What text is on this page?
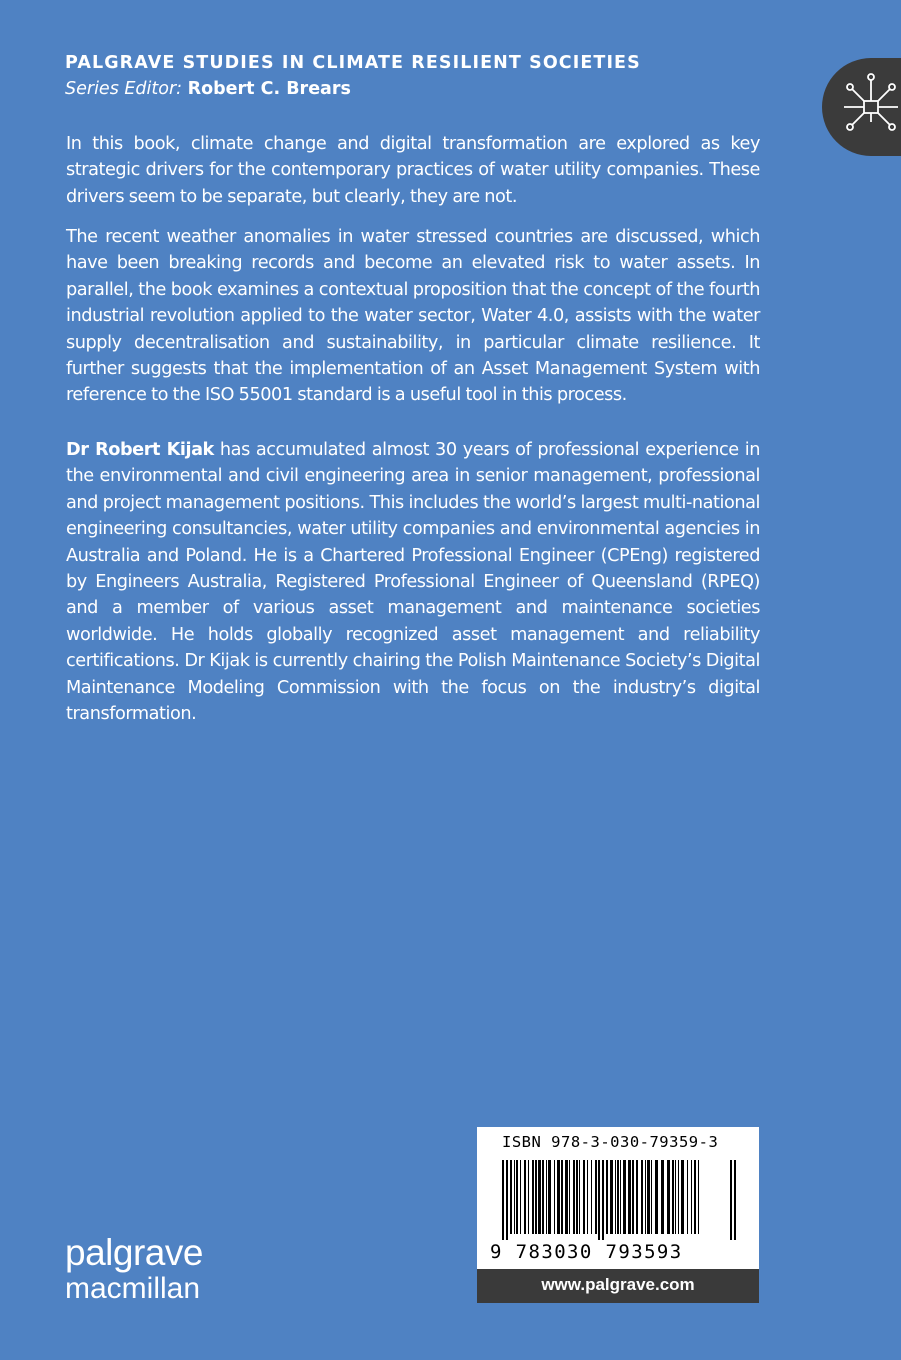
PALGRAVE STUDIES IN CLIMATE RESILIENT SOCIETIES
Series Editor: Robert C. Brears
In this book, climate change and digital transformation are explored as key strategic drivers for the contemporary practices of water utility companies. These drivers seem to be separate, but clearly, they are not.
The recent weather anomalies in water stressed countries are discussed, which have been breaking records and become an elevated risk to water assets. In parallel, the book examines a contextual proposition that the concept of the fourth industrial revolution applied to the water sector, Water 4.0, assists with the water supply decentralisation and sustainability, in particular climate resilience. It further suggests that the implementation of an Asset Management System with reference to the ISO 55001 standard is a useful tool in this process.
Dr Robert Kijak has accumulated almost 30 years of professional experience in the environmental and civil engineering area in senior management, professional and project management positions. This includes the world’s largest multi-national engineering consultancies, water utility companies and environmental agencies in Australia and Poland. He is a Chartered Professional Engineer (CPEng) registered by Engineers Australia, Registered Professional Engineer of Queensland (RPEQ) and a member of various asset management and maintenance societies worldwide. He holds globally recognized asset management and reliability certifications. Dr Kijak is currently chairing the Polish Maintenance Society’s Digital Maintenance Modeling Commission with the focus on the industry’s digital transformation.
ISBN 978-3-030-79359-3
9 783030 793593
www.palgrave.com
palgrave
macmillan
